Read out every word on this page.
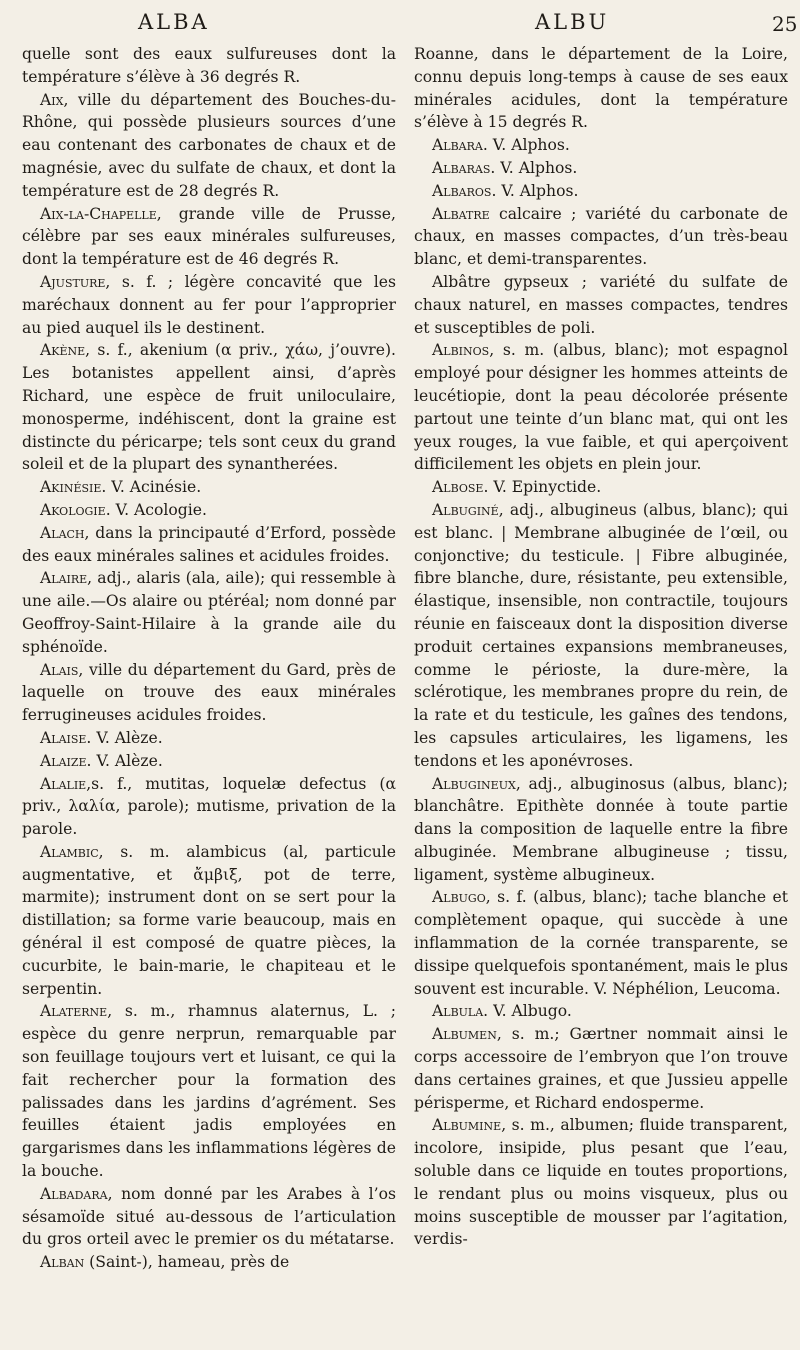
ALBA	ALBU	25

quelle sont des eaux sulfureuses dont la température s’élève à 36 degrés R.

Aix, ville du département des Bouches-du-Rhône, qui possède plusieurs sources d’une eau contenant des carbonates de chaux et de magnésie, avec du sulfate de chaux, et dont la température est de 28 degrés R.

Aix-la-Chapelle, grande ville de Prusse, célèbre par ses eaux minérales sulfureuses, dont la température est de 46 degrés R.

Ajusture, s. f. ; légère concavité que les maréchaux donnent au fer pour l’approprier au pied auquel ils le destinent.

Akène, s. f., akenium (α priv., χάω, j’ouvre). Les botanistes appellent ainsi, d’après Richard, une espèce de fruit uniloculaire, monosperme, indéhiscent, dont la graine est distincte du péricarpe; tels sont ceux du grand soleil et de la plupart des synantherées.

Akinésie. V. Acinésie.

Akologie. V. Acologie.

Alach, dans la principauté d’Erford, possède des eaux minérales salines et acidules froides.

Alaire, adj., alaris (ala, aile); qui ressemble à une aile.—Os alaire ou ptéréal; nom donné par Geoffroy-Saint-Hilaire à la grande aile du sphénoïde.

Alais, ville du département du Gard, près de laquelle on trouve des eaux minérales ferrugineuses acidules froides.

Alaise. V. Alèze.

Alaize. V. Alèze.

Alalie,s. f., mutitas, loquelæ defectus (α priv., λαλία, parole); mutisme, privation de la parole.

Alambic, s. m. alambicus (al, particule augmentative, et ἄμβιξ, pot de terre, marmite); instrument dont on se sert pour la distillation; sa forme varie beaucoup, mais en général il est composé de quatre pièces, la cucurbite, le bain-marie, le chapiteau et le serpentin.

Alaterne, s. m., rhamnus alaternus, L. ; espèce du genre nerprun, remarquable par son feuillage toujours vert et luisant, ce qui la fait rechercher pour la formation des palissades dans les jardins d’agrément. Ses feuilles étaient jadis employées en gargarismes dans les inflammations légères de la bouche.

Albadara, nom donné par les Arabes à l’os sésamoïde situé au-dessous de l’articulation du gros orteil avec le premier os du métatarse.

Alban (Saint-), hameau, près de

Roanne, dans le département de la Loire, connu depuis long-temps à cause de ses eaux minérales acidules, dont la température s’élève à 15 degrés R.

Albara. V. Alphos.

Albaras. V. Alphos.

Albaros. V. Alphos.

Albatre calcaire ; variété du carbonate de chaux, en masses compactes, d’un très-beau blanc, et demi-transparentes.

Albâtre gypseux ; variété du sulfate de chaux naturel, en masses compactes, tendres et susceptibles de poli.

Albinos, s. m. (albus, blanc); mot espagnol employé pour désigner les hommes atteints de leucétiopie, dont la peau décolorée présente partout une teinte d’un blanc mat, qui ont les yeux rouges, la vue faible, et qui aperçoivent difficilement les objets en plein jour.

Albose. V. Epinyctide.

Albuginé, adj., albugineus (albus, blanc); qui est blanc. | Membrane albuginée de l’œil, ou conjonctive; du testicule. | Fibre albuginée, fibre blanche, dure, résistante, peu extensible, élastique, insensible, non contractile, toujours réunie en faisceaux dont la disposition diverse produit certaines expansions membraneuses, comme le périoste, la dure-mère, la sclérotique, les membranes propre du rein, de la rate et du testicule, les gaînes des tendons, les capsules articulaires, les ligamens, les tendons et les aponévroses.

Albugineux, adj., albuginosus (albus, blanc); blanchâtre. Epithète donnée à toute partie dans la composition de laquelle entre la fibre albuginée. Membrane albugineuse ; tissu, ligament, système albugineux.

Albugo, s. f. (albus, blanc); tache blanche et complètement opaque, qui succède à une inflammation de la cornée transparente, se dissipe quelquefois spontanément, mais le plus souvent est incurable. V. Néphélion, Leucoma.

Albula. V. Albugo.

Albumen, s. m.; Gærtner nommait ainsi le corps accessoire de l’embryon que l’on trouve dans certaines graines, et que Jussieu appelle périsperme, et Richard endosperme.

Albumine, s. m., albumen; fluide transparent, incolore, insipide, plus pesant que l’eau, soluble dans ce liquide en toutes proportions, le rendant plus ou moins visqueux, plus ou moins susceptible de mousser par l’agitation, verdis-
